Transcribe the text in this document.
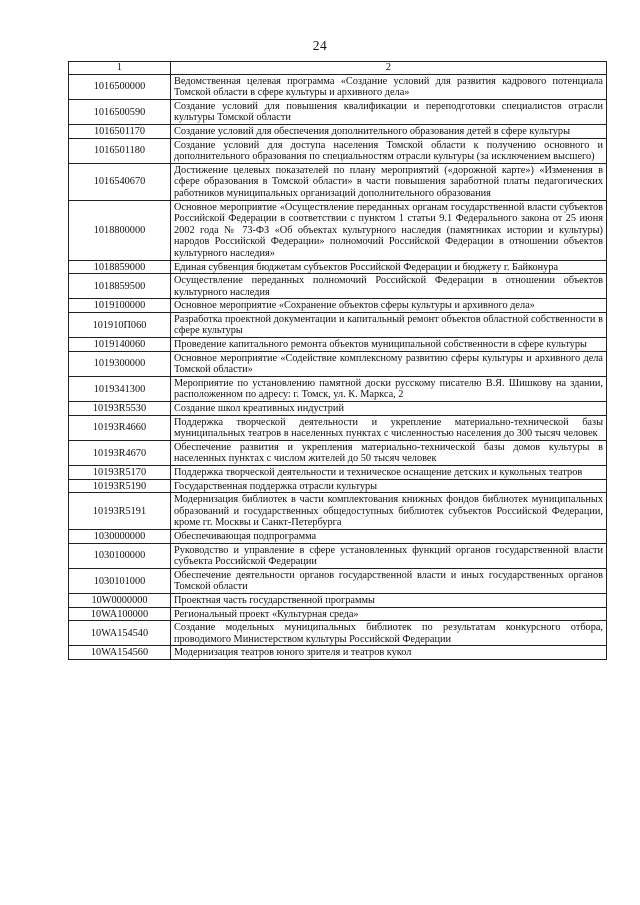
24
1	2
1016500000	Ведомственная целевая программа «Создание условий для развития кадрового потенциала Томской области в сфере культуры и архивного дела»
1016500590	Создание условий для повышения квалификации и переподготовки специалистов отрасли культуры Томской области
1016501170	Создание условий для обеспечения дополнительного образования детей в сфере культуры
1016501180	Создание условий для доступа населения Томской области к получению основного и дополнительного образования по специальностям отрасли культуры (за исключением высшего)
1016540670	Достижение целевых показателей по плану мероприятий («дорожной карте») «Изменения в сфере образования в Томской области» в части повышения заработной платы педагогических работников муниципальных организаций дополнительного образования
1018800000	Основное мероприятие «Осуществление переданных органам государственной власти субъектов Российской Федерации в соответствии с пунктом 1 статьи 9.1 Федерального закона от 25 июня 2002 года № 73-ФЗ «Об объектах культурного наследия (памятниках истории и культуры) народов Российской Федерации» полномочий Российской Федерации в отношении объектов культурного наследия»
1018859000	Единая субвенция бюджетам субъектов Российской Федерации и бюджету г. Байконура
1018859500	Осуществление переданных полномочий Российской Федерации в отношении объектов культурного наследия
1019100000	Основное мероприятие «Сохранение объектов сферы культуры и архивного дела»
101910П060	Разработка проектной документации и капитальный ремонт объектов областной собственности в сфере культуры
1019140060	Проведение капитального ремонта объектов муниципальной собственности в сфере культуры
1019300000	Основное мероприятие «Содействие комплексному развитию сферы культуры и архивного дела Томской области»
1019341300	Мероприятие по установлению памятной доски русскому писателю В.Я. Шишкову на здании, расположенном по адресу: г. Томск, ул. К. Маркса, 2
10193R5530	Создание школ креативных индустрий
10193R4660	Поддержка творческой деятельности и укрепление материально-технической базы муниципальных театров в населенных пунктах с численностью населения до 300 тысяч человек
10193R4670	Обеспечение развития и укрепления материально-технической базы домов культуры в населенных пунктах с числом жителей до 50 тысяч человек
10193R5170	Поддержка творческой деятельности и техническое оснащение детских и кукольных театров
10193R5190	Государственная поддержка отрасли культуры
10193R5191	Модернизация библиотек в части комплектования книжных фондов библиотек муниципальных образований и государственных общедоступных библиотек субъектов Российской Федерации, кроме гг. Москвы и Санкт-Петербурга
1030000000	Обеспечивающая подпрограмма
1030100000	Руководство и управление в сфере установленных функций органов государственной власти субъекта Российской Федерации
1030101000	Обеспечение деятельности органов государственной власти и иных государственных органов Томской области
10W0000000	Проектная часть государственной программы
10WA100000	Региональный проект «Культурная среда»
10WA154540	Создание модельных муниципальных библиотек по результатам конкурсного отбора, проводимого Министерством культуры Российской Федерации
10WA154560	Модернизация театров юного зрителя и театров кукол
